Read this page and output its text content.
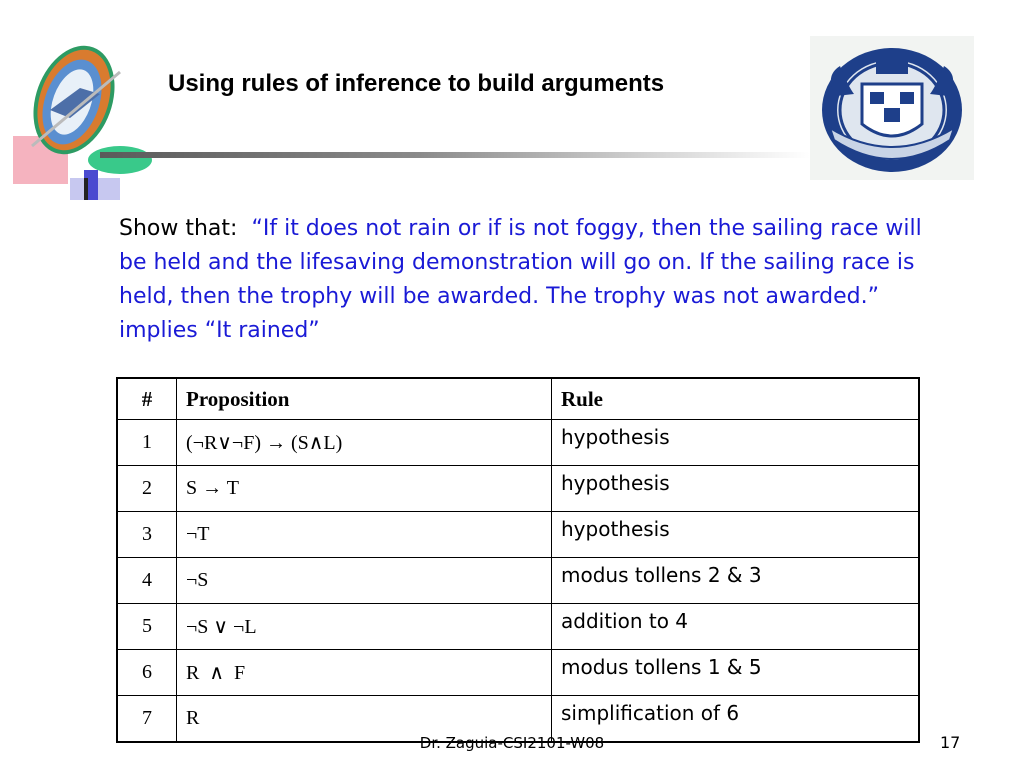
Using rules of inference to build arguments
Show that: “If it does not rain or if is not foggy, then the sailing race will be held and the lifesaving demonstration will go on. If the sailing race is held, then the trophy will be awarded. The trophy was not awarded.” implies “It rained”
#	Proposition	Rule
1	(¬R∨¬F) → (S∧L)	hypothesis
2	S → T	hypothesis
3	¬T	hypothesis
4	¬S	modus tollens 2 & 3
5	¬S ∨ ¬L	addition to 4
6	R  ∧  F	modus tollens 1 & 5
7	R	simplification of 6
Dr. Zaguia-CSI2101-W08	17
